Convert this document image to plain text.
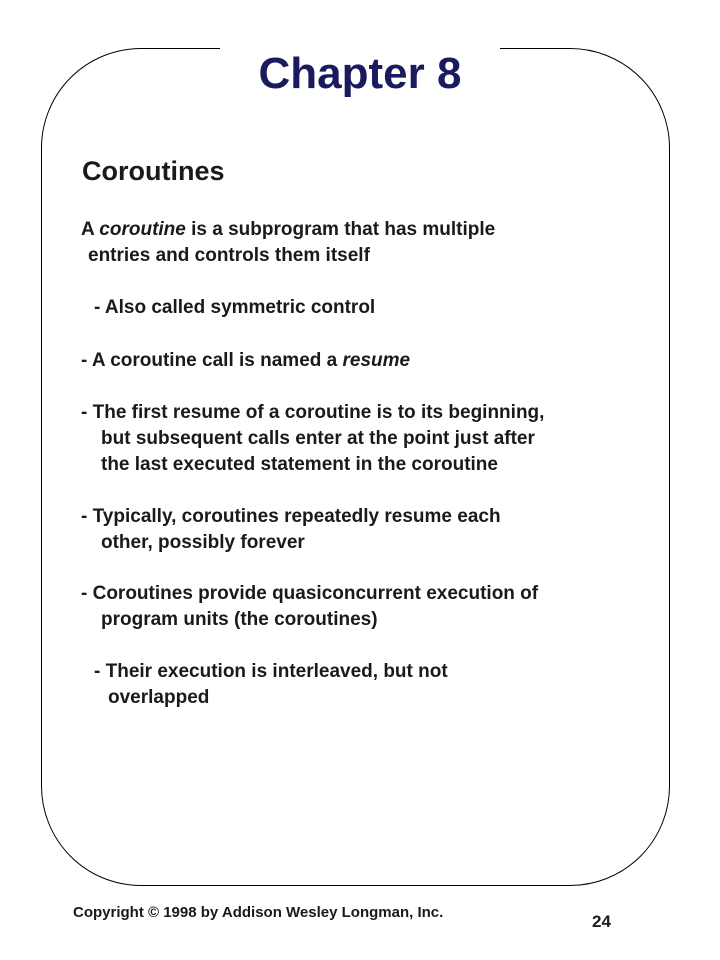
Chapter 8
Coroutines

A coroutine is a subprogram that has multiple

entries and controls them itself

- Also called symmetric control

- A coroutine call is named a resume

- The first resume of a coroutine is to its beginning,

but subsequent calls enter at the point just after

the last executed statement in the coroutine

- Typically, coroutines repeatedly resume each

other, possibly forever

- Coroutines provide quasiconcurrent execution of

program units (the coroutines)

- Their execution is interleaved, but not

overlapped

Copyright © 1998 by Addison Wesley Longman, Inc.	24
